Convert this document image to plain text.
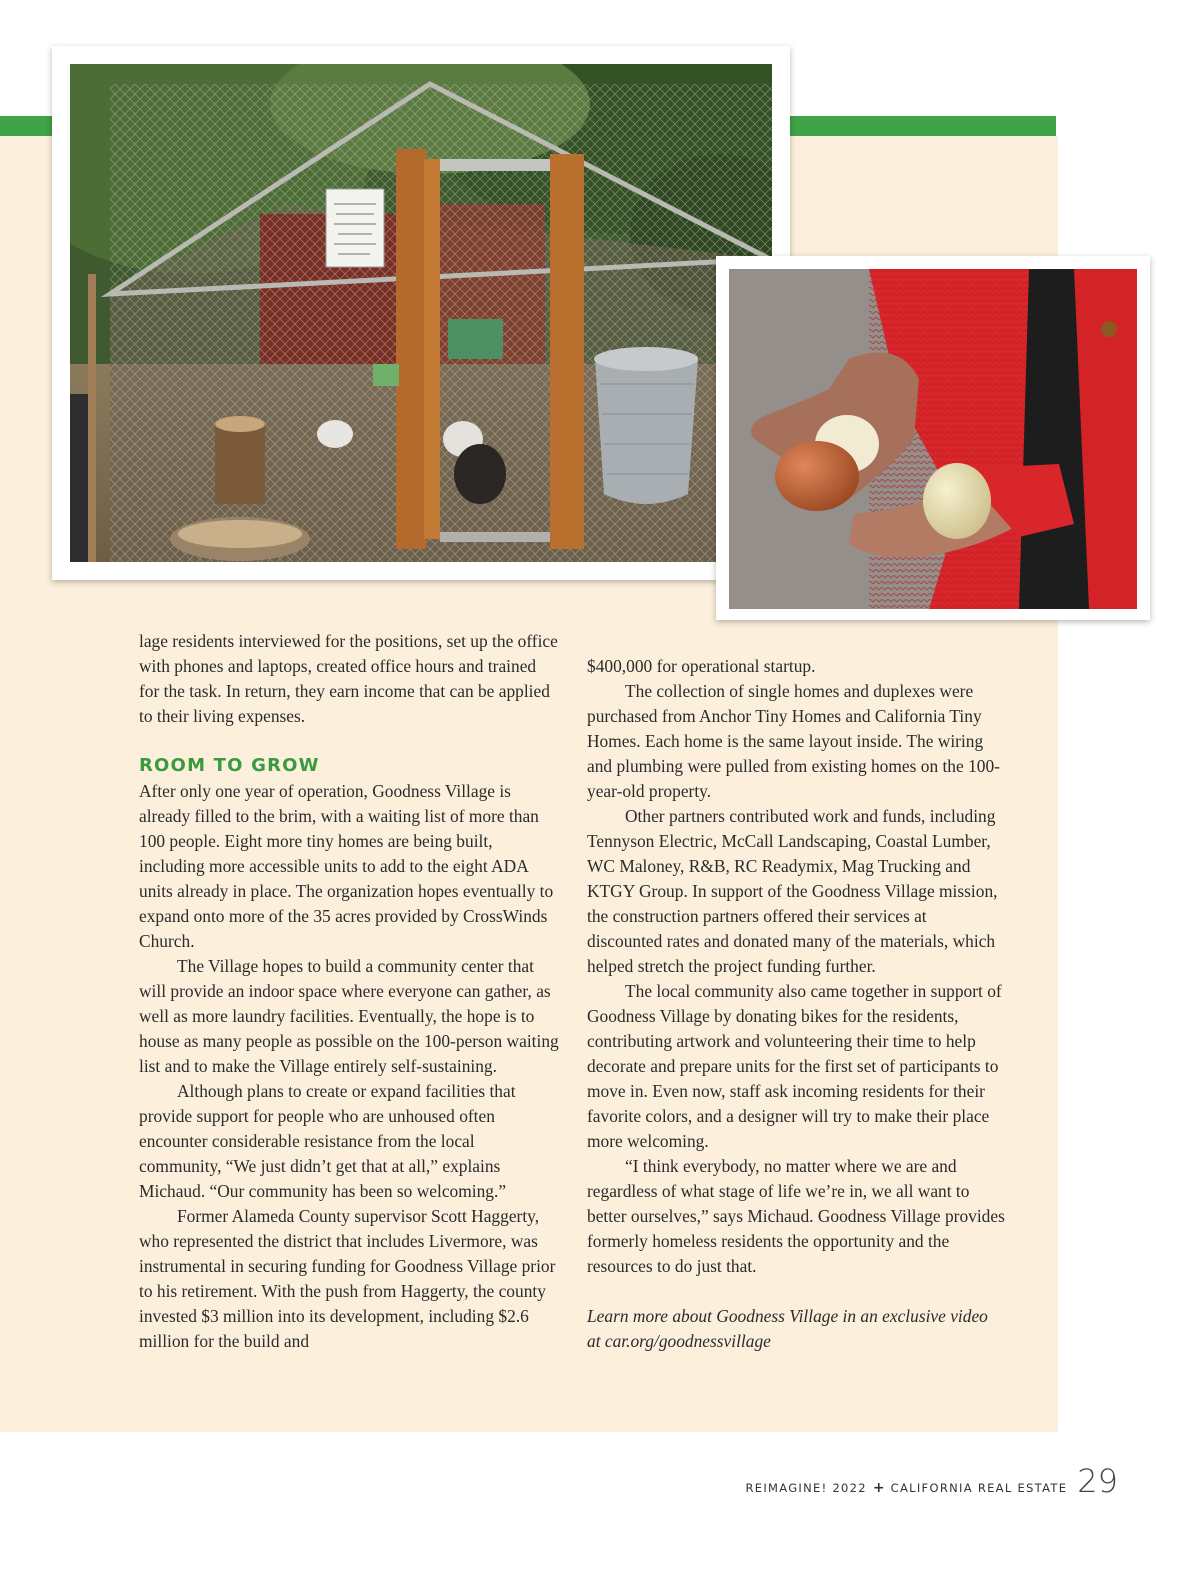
lage residents interviewed for the positions, set up the office with phones and laptops, created office hours and trained for the task. In return, they earn income that can be applied to their living expenses.

ROOM TO GROW

After only one year of operation, Goodness Village is already filled to the brim, with a waiting list of more than 100 people. Eight more tiny homes are being built, including more accessible units to add to the eight ADA units already in place. The organization hopes eventually to expand onto more of the 35 acres provided by CrossWinds Church.

The Village hopes to build a community center that will provide an indoor space where everyone can gather, as well as more laundry facilities. Eventually, the hope is to house as many people as possible on the 100-person waiting list and to make the Village entirely self-sustaining.

Although plans to create or expand facilities that provide support for people who are unhoused often encounter considerable resistance from the local community, “We just didn’t get that at all,” explains Michaud. “Our community has been so welcoming.”

Former Alameda County supervisor Scott Haggerty, who represented the district that includes Livermore, was instrumental in securing funding for Goodness Village prior to his retirement. With the push from Haggerty, the county invested $3 million into its development, including $2.6 million for the build and

$400,000 for operational startup.

The collection of single homes and duplexes were purchased from Anchor Tiny Homes and California Tiny Homes. Each home is the same layout inside. The wiring and plumbing were pulled from existing homes on the 100-year-old property.

Other partners contributed work and funds, including Tennyson Electric, McCall Landscaping, Coastal Lumber, WC Maloney, R&B, RC Readymix, Mag Trucking and KTGY Group. In support of the Goodness Village mission, the construction partners offered their services at discounted rates and donated many of the materials, which helped stretch the project funding further.

The local community also came together in support of Goodness Village by donating bikes for the residents, contributing artwork and volunteering their time to help decorate and prepare units for the first set of participants to move in. Even now, staff ask incoming residents for their favorite colors, and a designer will try to make their place more welcoming.

“I think everybody, no matter where we are and regardless of what stage of life we’re in, we all want to better ourselves,” says Michaud. Goodness Village provides formerly homeless residents the opportunity and the resources to do just that.

Learn more about Goodness Village in an exclusive video at car.org/goodnessvillage

REIMAGINE! 2022 + CALIFORNIA REAL ESTATE 29
